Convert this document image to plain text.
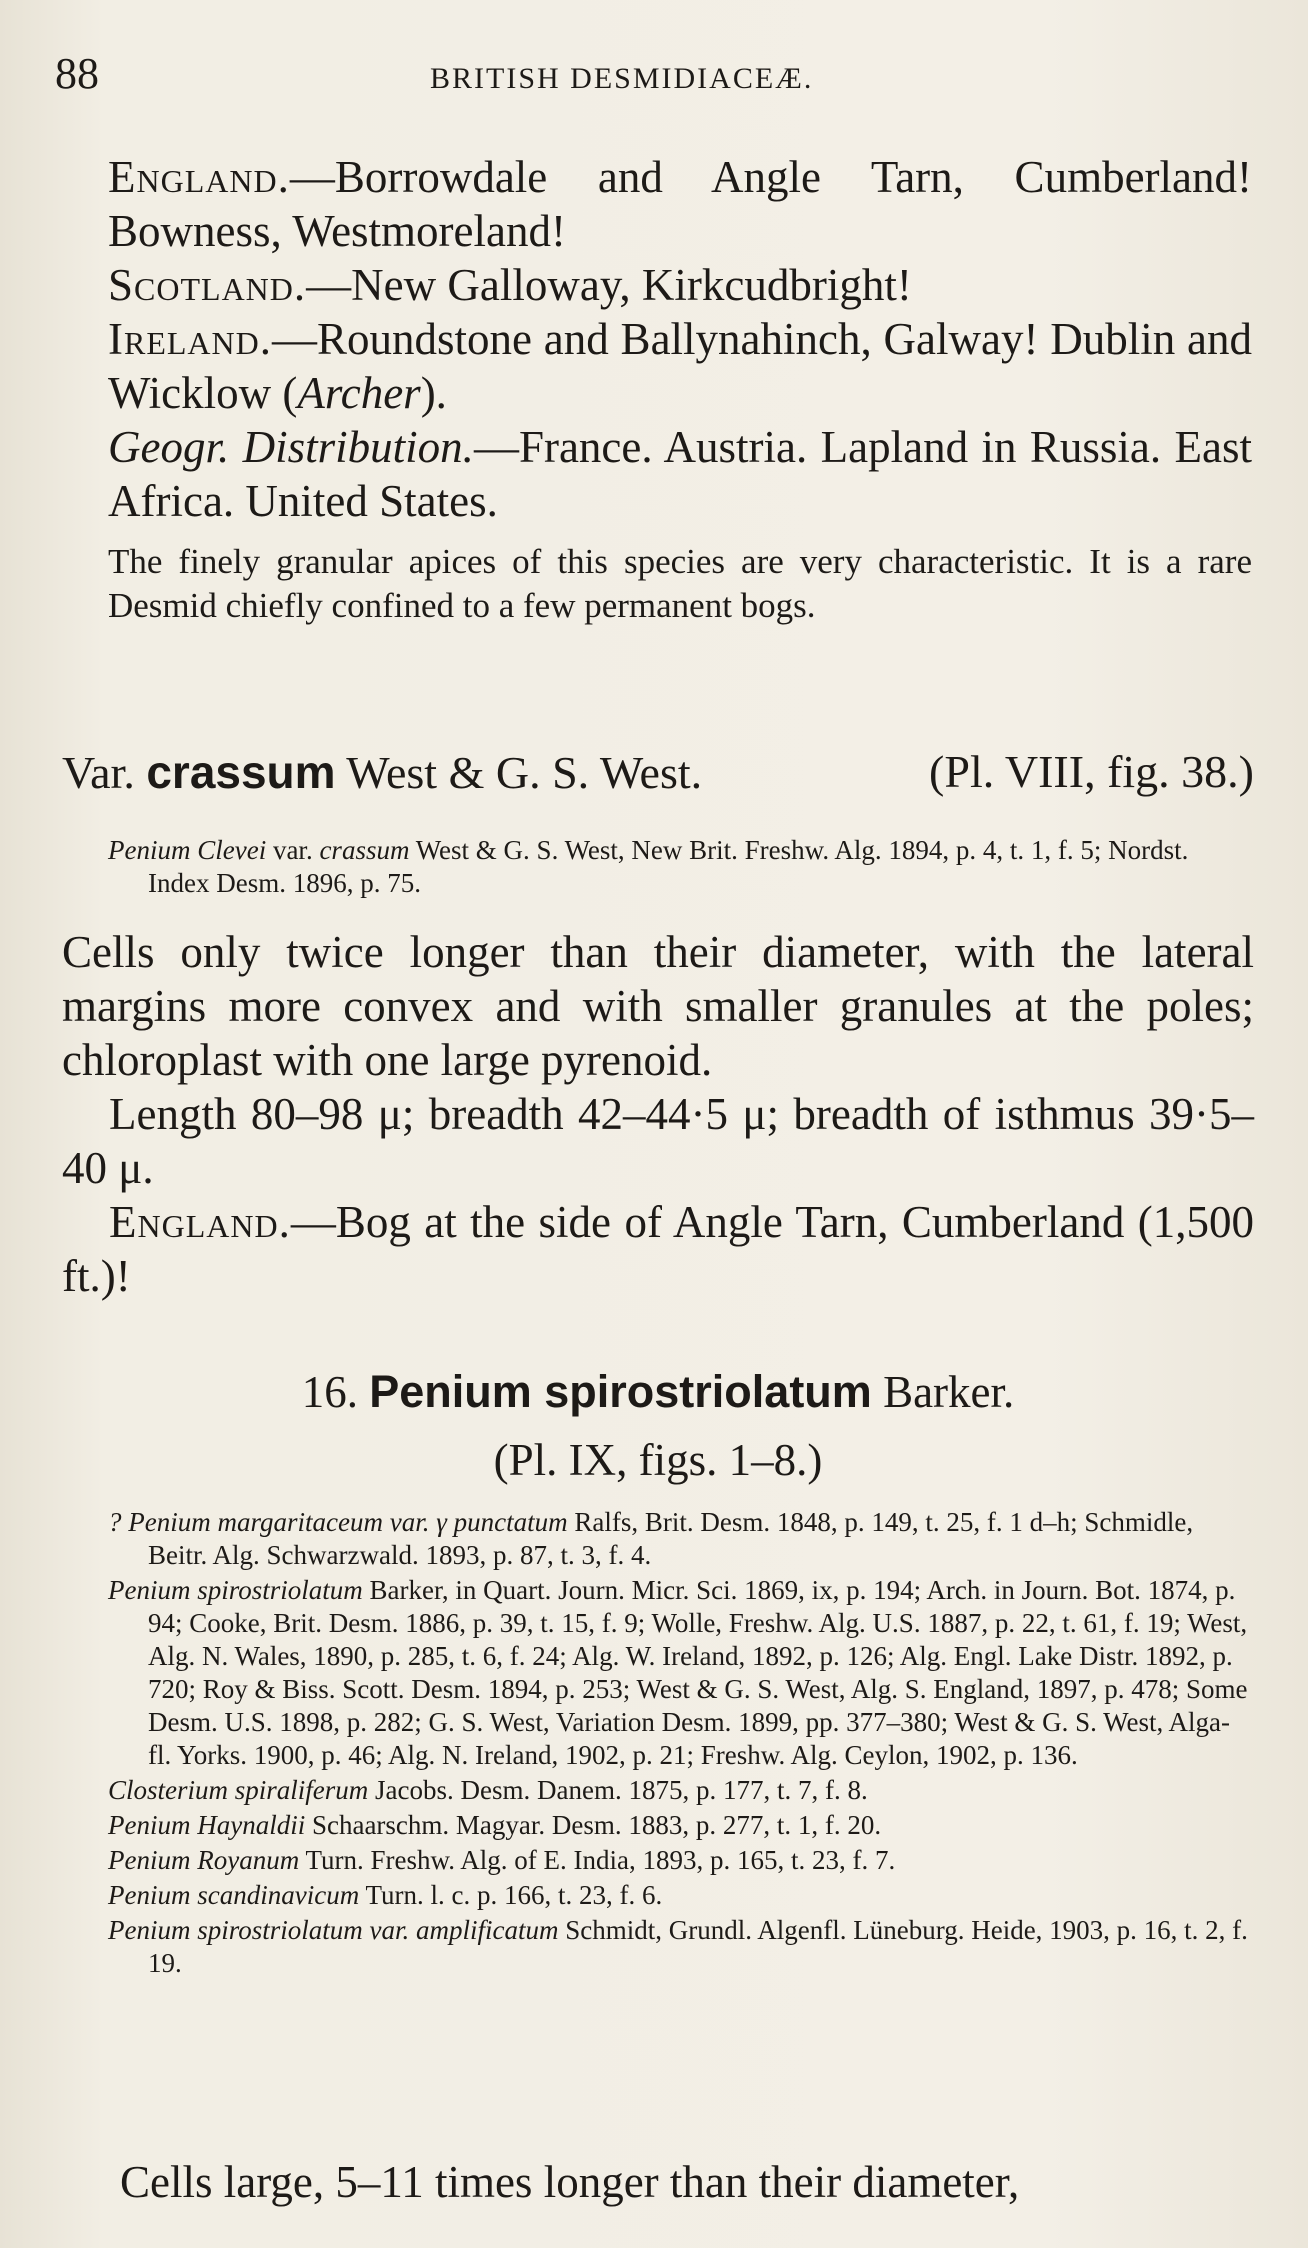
88	BRITISH DESMIDIACEÆ.

England.—Borrowdale and Angle Tarn, Cumberland! Bowness, Westmoreland!

Scotland.—New Galloway, Kirkcudbright!

Ireland.—Roundstone and Ballynahinch, Galway! Dublin and Wicklow (Archer).

Geogr. Distribution.—France. Austria. Lapland in Russia. East Africa. United States.

The finely granular apices of this species are very characteristic. It is a rare Desmid chiefly confined to a few permanent bogs.
Var. crassum West & G. S. West.	(Pl. VIII, fig. 38.)

Penium Clevei var. crassum West & G. S. West, New Brit. Freshw. Alg. 1894, p. 4, t. 1, f. 5; Nordst. Index Desm. 1896, p. 75.

Cells only twice longer than their diameter, with the lateral margins more convex and with smaller granules at the poles; chloroplast with one large pyrenoid.

Length 80–98 μ; breadth 42–44·5 μ; breadth of isthmus 39·5–40 μ.

England.—Bog at the side of Angle Tarn, Cumberland (1,500 ft.)!

16. Penium spirostriolatum Barker.
(Pl. IX, figs. 1–8.)

? Penium margaritaceum var. γ punctatum Ralfs, Brit. Desm. 1848, p. 149, t. 25, f. 1 d–h; Schmidle, Beitr. Alg. Schwarzwald. 1893, p. 87, t. 3, f. 4.

Penium spirostriolatum Barker, in Quart. Journ. Micr. Sci. 1869, ix, p. 194; Arch. in Journ. Bot. 1874, p. 94; Cooke, Brit. Desm. 1886, p. 39, t. 15, f. 9; Wolle, Freshw. Alg. U.S. 1887, p. 22, t. 61, f. 19; West, Alg. N. Wales, 1890, p. 285, t. 6, f. 24; Alg. W. Ireland, 1892, p. 126; Alg. Engl. Lake Distr. 1892, p. 720; Roy & Biss. Scott. Desm. 1894, p. 253; West & G. S. West, Alg. S. England, 1897, p. 478; Some Desm. U.S. 1898, p. 282; G. S. West, Variation Desm. 1899, pp. 377–380; West & G. S. West, Alga-fl. Yorks. 1900, p. 46; Alg. N. Ireland, 1902, p. 21; Freshw. Alg. Ceylon, 1902, p. 136.

Closterium spiraliferum Jacobs. Desm. Danem. 1875, p. 177, t. 7, f. 8.

Penium Haynaldii Schaarschm. Magyar. Desm. 1883, p. 277, t. 1, f. 20.

Penium Royanum Turn. Freshw. Alg. of E. India, 1893, p. 165, t. 23, f. 7.

Penium scandinavicum Turn. l. c. p. 166, t. 23, f. 6.

Penium spirostriolatum var. amplificatum Schmidt, Grundl. Algenfl. Lüneburg. Heide, 1903, p. 16, t. 2, f. 19.

Cells large, 5–11 times longer than their diameter,
